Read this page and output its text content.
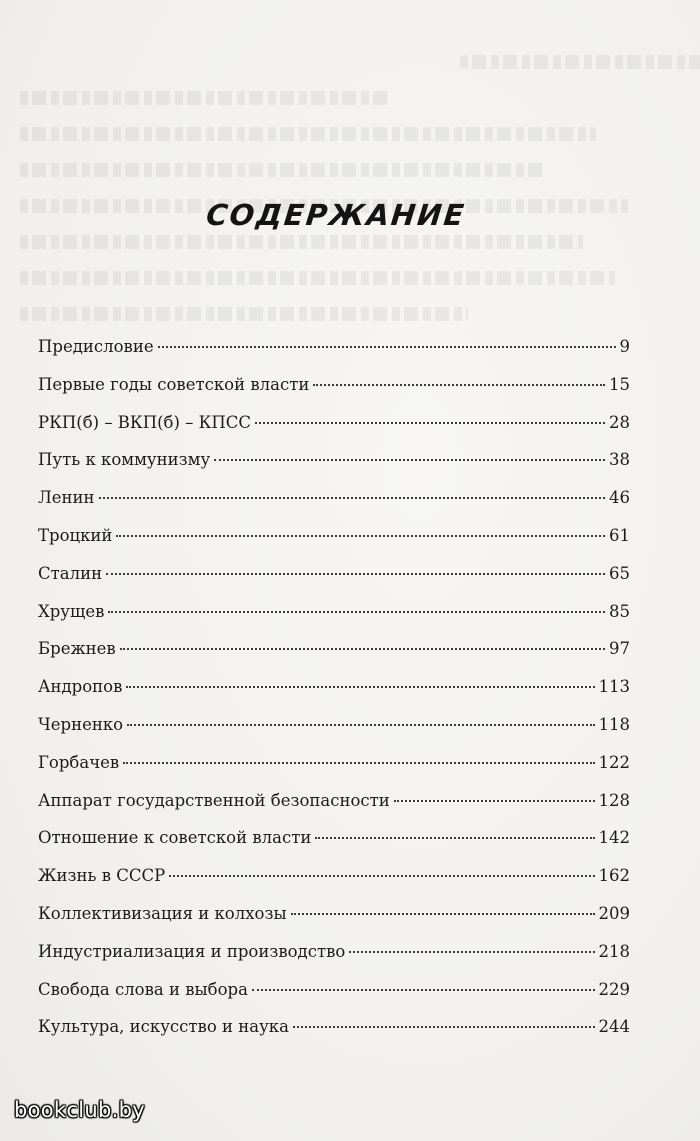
СОДЕРЖАНИЕ
Предисловие	9
Первые годы советской власти	15
РКП(б) – ВКП(б) – КПСС	28
Путь к коммунизму	38
Ленин	46
Троцкий	61
Сталин	65
Хрущев	85
Брежнев	97
Андропов	113
Черненко	118
Горбачев	122
Аппарат государственной безопасности	128
Отношение к советской власти	142
Жизнь в СССР	162
Коллективизация и колхозы	209
Индустриализация и производство	218
Свобода слова и выбора	229
Культура, искусство и наука	244
bookclub.by
